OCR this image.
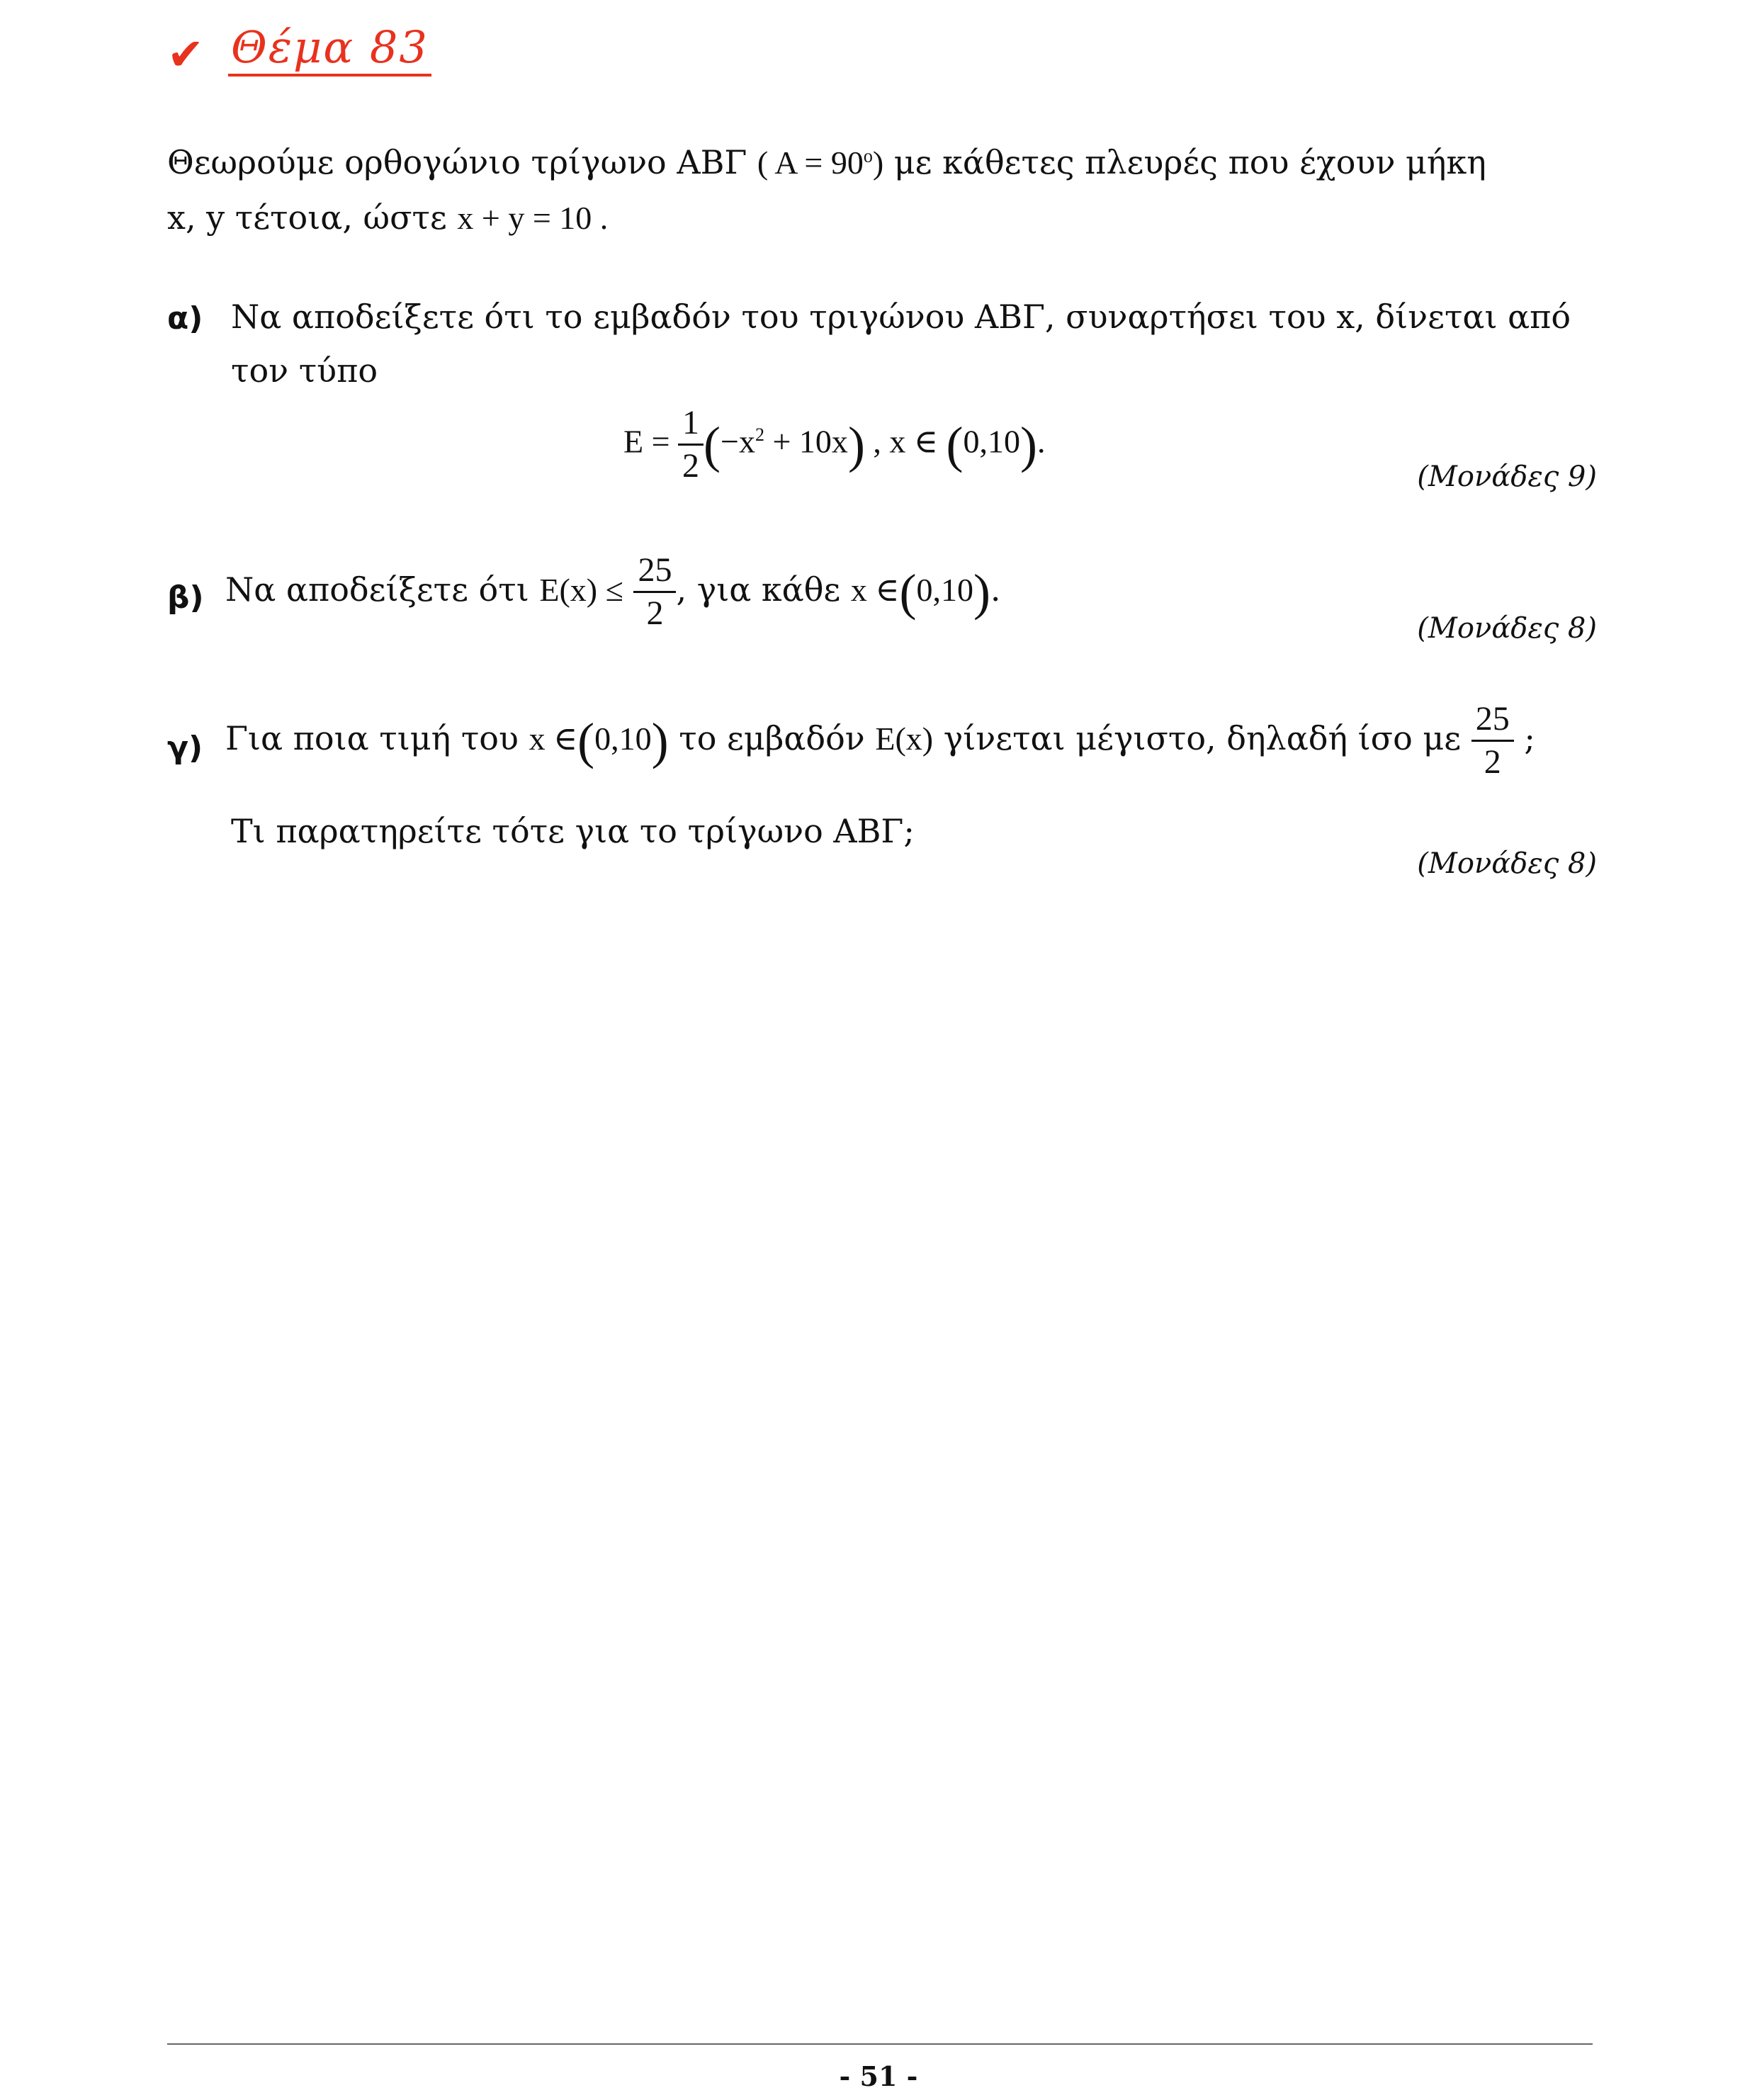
✔ Θέμα 83
Θεωρούμε ορθογώνιο τρίγωνο ΑΒΓ ( $A = 90^o$) με κάθετες πλευρές που έχουν μήκη
x, y τέτοια, ώστε x + y = 10 .
α) Να αποδείξετε ότι το εμβαδόν του τριγώνου ΑΒΓ, συναρτήσει του x, δίνεται από
τον τύπο
$E = \frac{1}{2} (-x^2 + 10x)$ , x ∈ (0,10).
(Μονάδες 9)
β) Να αποδείξετε ότι $E(x) \le \frac{25}{2}$ , για κάθε x ∈(0,10).
(Μονάδες 8)
γ) Για ποια τιμή του x ∈(0,10) το εμβαδόν Ε(x) γίνεται μέγιστο, δηλαδή ίσο με $\frac{25}{2}$ ;
Τι παρατηρείτε τότε για το τρίγωνο ΑΒΓ;
(Μονάδες 8)
- 51 -
